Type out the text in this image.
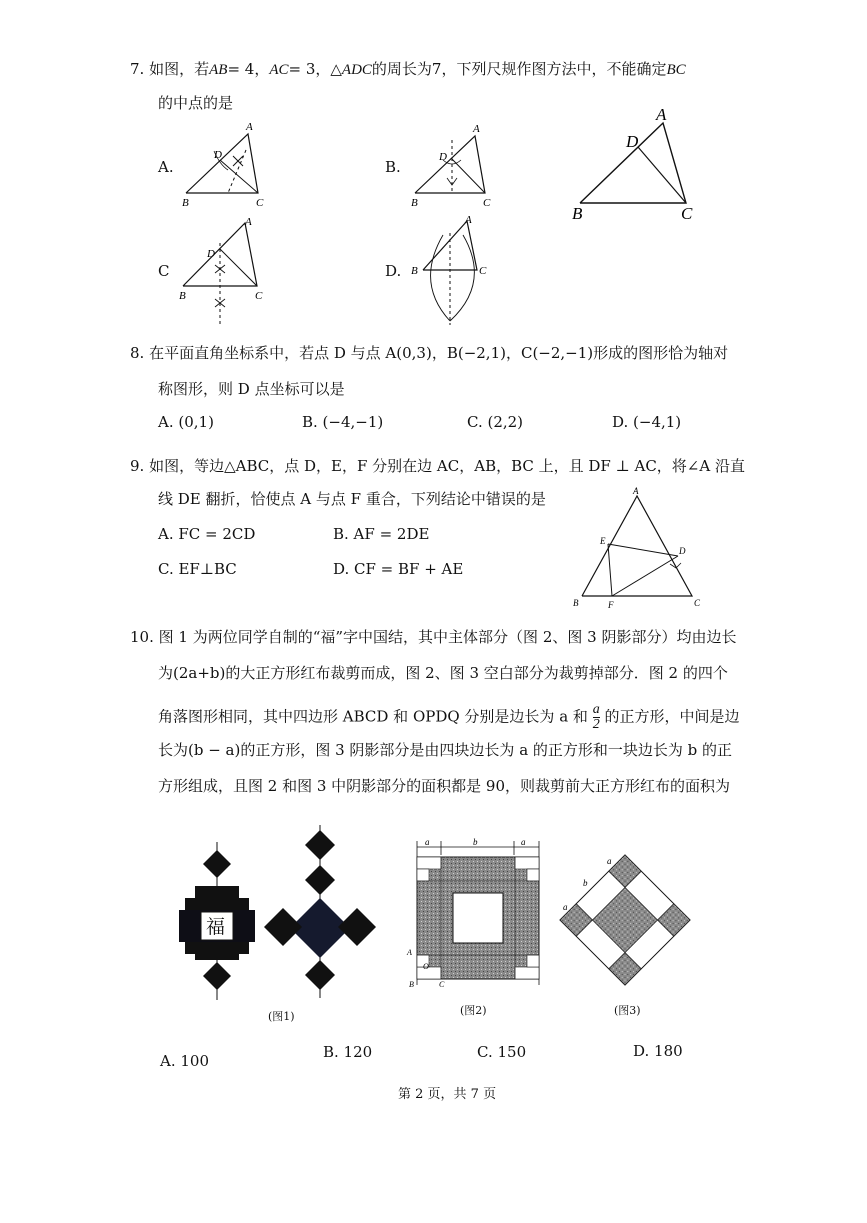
7. 如图，若AB= 4，AC= 3，△ADC的周长为7，下列尺规作图方法中，不能确定BC
的中点的是
A.	B.
C	D.
A
B	C
D
A
B	C
D
A
B	C
D
A
B	C
D
A
B	C
8. 在平面直角坐标系中，若点 D 与点 A(0,3)，B(−2,1)，C(−2,−1)形成的图形恰为轴对
称图形，则 D 点坐标可以是
A. (0,1)	B. (−4,−1)	C. (2,2)	D. (−4,1)
9. 如图，等边△ABC，点 D，E，F 分别在边 AC，AB，BC 上，且 DF ⊥ AC，将∠A 沿直
线 DE 翻折，恰使点 A 与点 F 重合，下列结论中错误的是
A. FC = 2CD	B. AF = 2DE
C. EF⊥BC	D. CF = BF + AE
A
E
D
B	F	C
10. 图 1 为两位同学自制的“福”字中国结，其中主体部分（图 2、图 3 阴影部分）均由边长
为(2a+b)的大正方形红布裁剪而成，图 2、图 3 空白部分为裁剪掉部分．图 2 的四个
角落图形相同，其中四边形 ABCD 和 OPDQ 分别是边长为 a 和 $\frac{a}{2}$ 的正方形，中间是边
长为(b − a)的正方形，图 3 阴影部分是由四块边长为 a 的正方形和一块边长为 b 的正
方形组成，且图 2 和图 3 中阴影部分的面积都是 90，则裁剪前大正方形红布的面积为
福
(图1)
a	b	a
A
O
B	C
(图2)
a
b
a
(图3)
A. 100	B. 120	C. 150	D. 180
第 2 页，共 7 页
